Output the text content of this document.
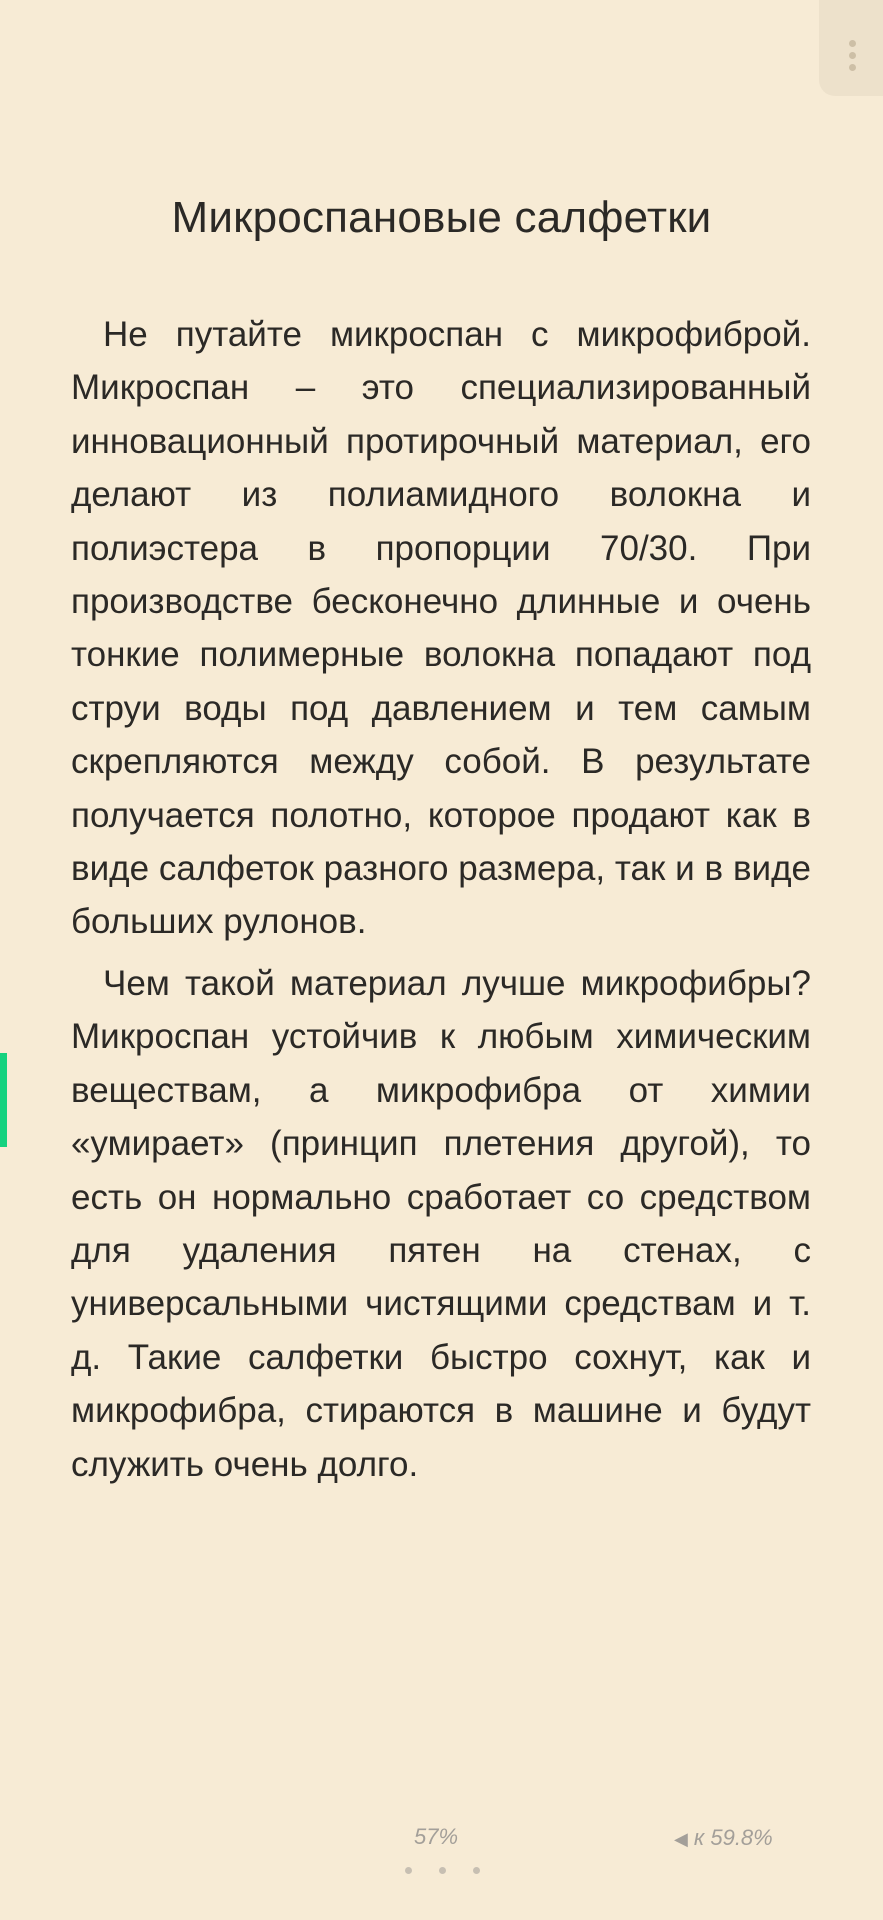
Микроспановые салфетки

Не путайте микроспан с микрофиброй. Микроспан – это специализированный инновационный протирочный материал, его делают из полиамидного волокна и полиэстера в пропорции 70/30. При производстве бесконечно длинные и очень тонкие полимерные волокна попадают под струи воды под давлением и тем самым скрепляются между собой. В результате получается полотно, которое продают как в виде салфеток разного размера, так и в виде больших рулонов.

Чем такой материал лучше микрофибры? Микроспан устойчив к любым химическим веществам, а микрофибра от химии «умирает» (принцип плетения другой), то есть он нормально сработает со средством для удаления пятен на стенах, с универсальными чистящими средствам и т. д. Такие салфетки быстро сохнут, как и микрофибра, стираются в машине и будут служить очень долго.

57%	◀ к 59.8%
